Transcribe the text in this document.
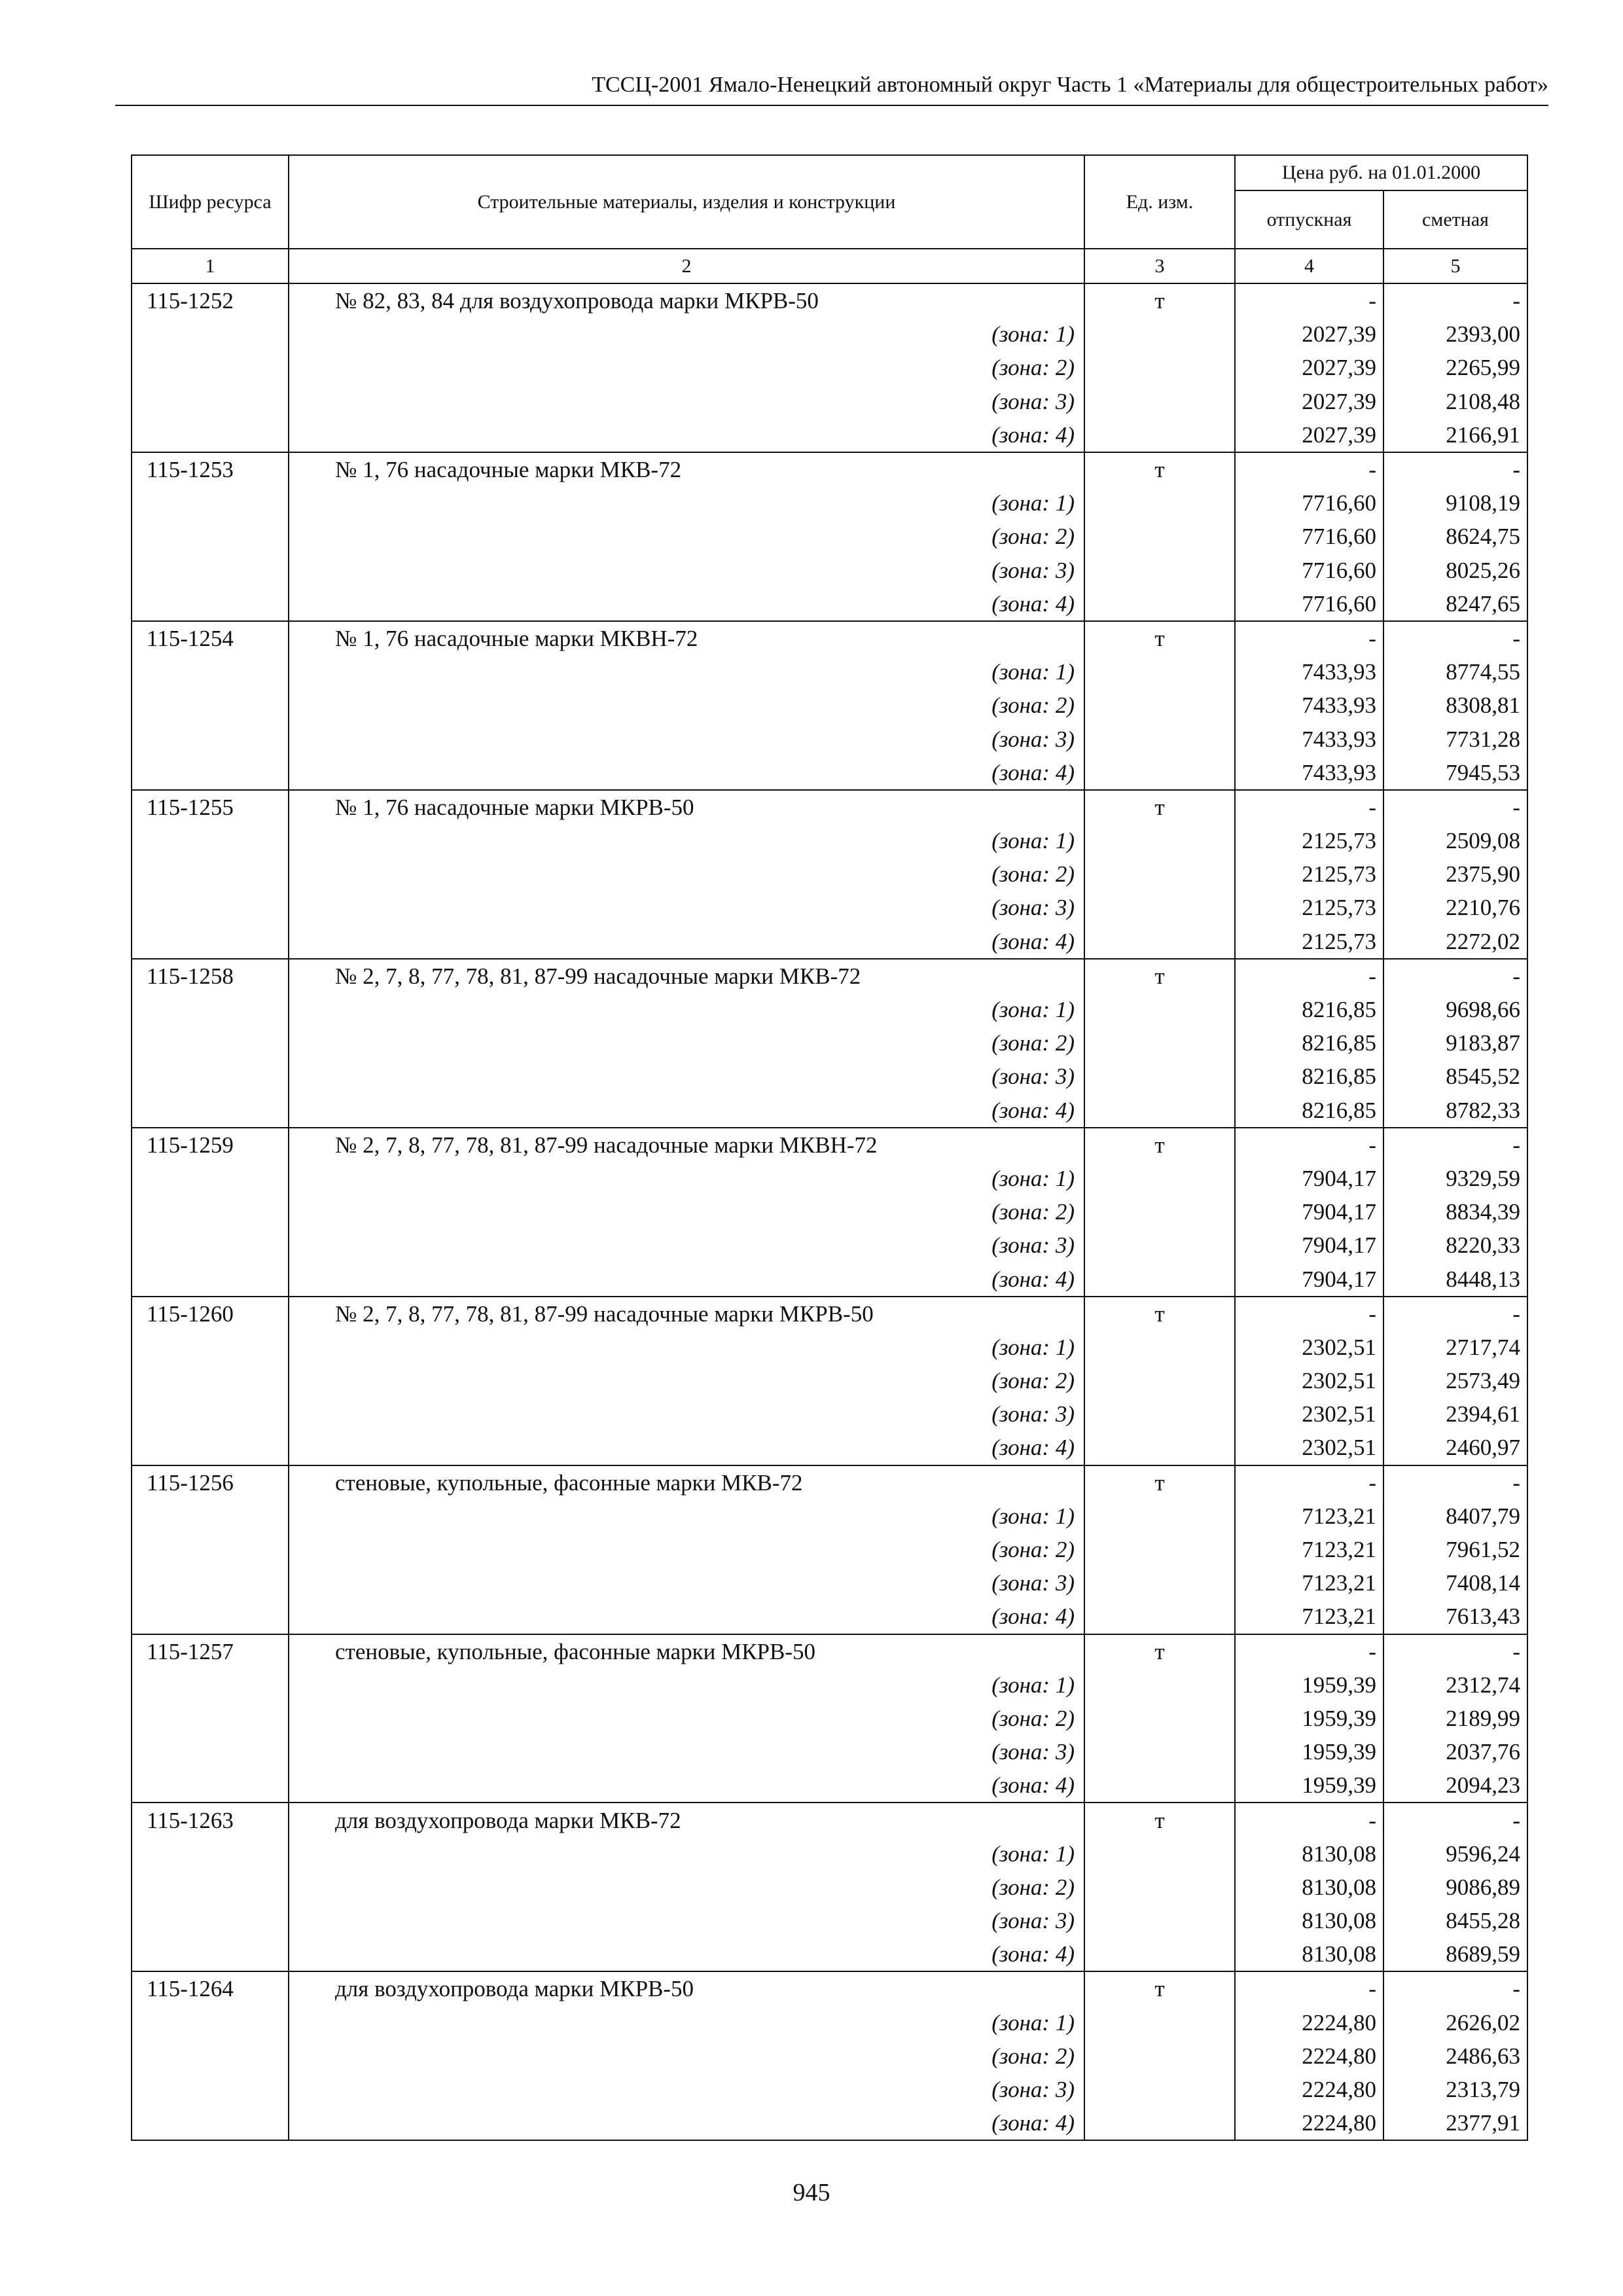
ТССЦ-2001 Ямало-Ненецкий автономный округ Часть 1 «Материалы для общестроительных работ»
Шифр ресурса	Строительные материалы, изделия и конструкции	Ед. изм.	Цена руб. на 01.01.2000	
			отпускная	сметная
1	2	3	4	5
115-1252	№ 82, 83, 84 для воздухопровода марки МКРВ-50	т	-	-
	(зона: 1)		2027,39	2393,00
	(зона: 2)		2027,39	2265,99
	(зона: 3)		2027,39	2108,48
	(зона: 4)		2027,39	2166,91
115-1253	№ 1, 76 насадочные марки МКВ-72	т	-	-
	(зона: 1)		7716,60	9108,19
	(зона: 2)		7716,60	8624,75
	(зона: 3)		7716,60	8025,26
	(зона: 4)		7716,60	8247,65
115-1254	№ 1, 76 насадочные марки МКВН-72	т	-	-
	(зона: 1)		7433,93	8774,55
	(зона: 2)		7433,93	8308,81
	(зона: 3)		7433,93	7731,28
	(зона: 4)		7433,93	7945,53
115-1255	№ 1, 76 насадочные марки МКРВ-50	т	-	-
	(зона: 1)		2125,73	2509,08
	(зона: 2)		2125,73	2375,90
	(зона: 3)		2125,73	2210,76
	(зона: 4)		2125,73	2272,02
115-1258	№ 2, 7, 8, 77, 78, 81, 87-99 насадочные марки МКВ-72	т	-	-
	(зона: 1)		8216,85	9698,66
	(зона: 2)		8216,85	9183,87
	(зона: 3)		8216,85	8545,52
	(зона: 4)		8216,85	8782,33
115-1259	№ 2, 7, 8, 77, 78, 81, 87-99 насадочные марки МКВН-72	т	-	-
	(зона: 1)		7904,17	9329,59
	(зона: 2)		7904,17	8834,39
	(зона: 3)		7904,17	8220,33
	(зона: 4)		7904,17	8448,13
115-1260	№ 2, 7, 8, 77, 78, 81, 87-99 насадочные марки МКРВ-50	т	-	-
	(зона: 1)		2302,51	2717,74
	(зона: 2)		2302,51	2573,49
	(зона: 3)		2302,51	2394,61
	(зона: 4)		2302,51	2460,97
115-1256	стеновые, купольные, фасонные марки МКВ-72	т	-	-
	(зона: 1)		7123,21	8407,79
	(зона: 2)		7123,21	7961,52
	(зона: 3)		7123,21	7408,14
	(зона: 4)		7123,21	7613,43
115-1257	стеновые, купольные, фасонные марки МКРВ-50	т	-	-
	(зона: 1)		1959,39	2312,74
	(зона: 2)		1959,39	2189,99
	(зона: 3)		1959,39	2037,76
	(зона: 4)		1959,39	2094,23
115-1263	для воздухопровода марки МКВ-72	т	-	-
	(зона: 1)		8130,08	9596,24
	(зона: 2)		8130,08	9086,89
	(зона: 3)		8130,08	8455,28
	(зона: 4)		8130,08	8689,59
115-1264	для воздухопровода марки МКРВ-50	т	-	-
	(зона: 1)		2224,80	2626,02
	(зона: 2)		2224,80	2486,63
	(зона: 3)		2224,80	2313,79
	(зона: 4)		2224,80	2377,91
945
